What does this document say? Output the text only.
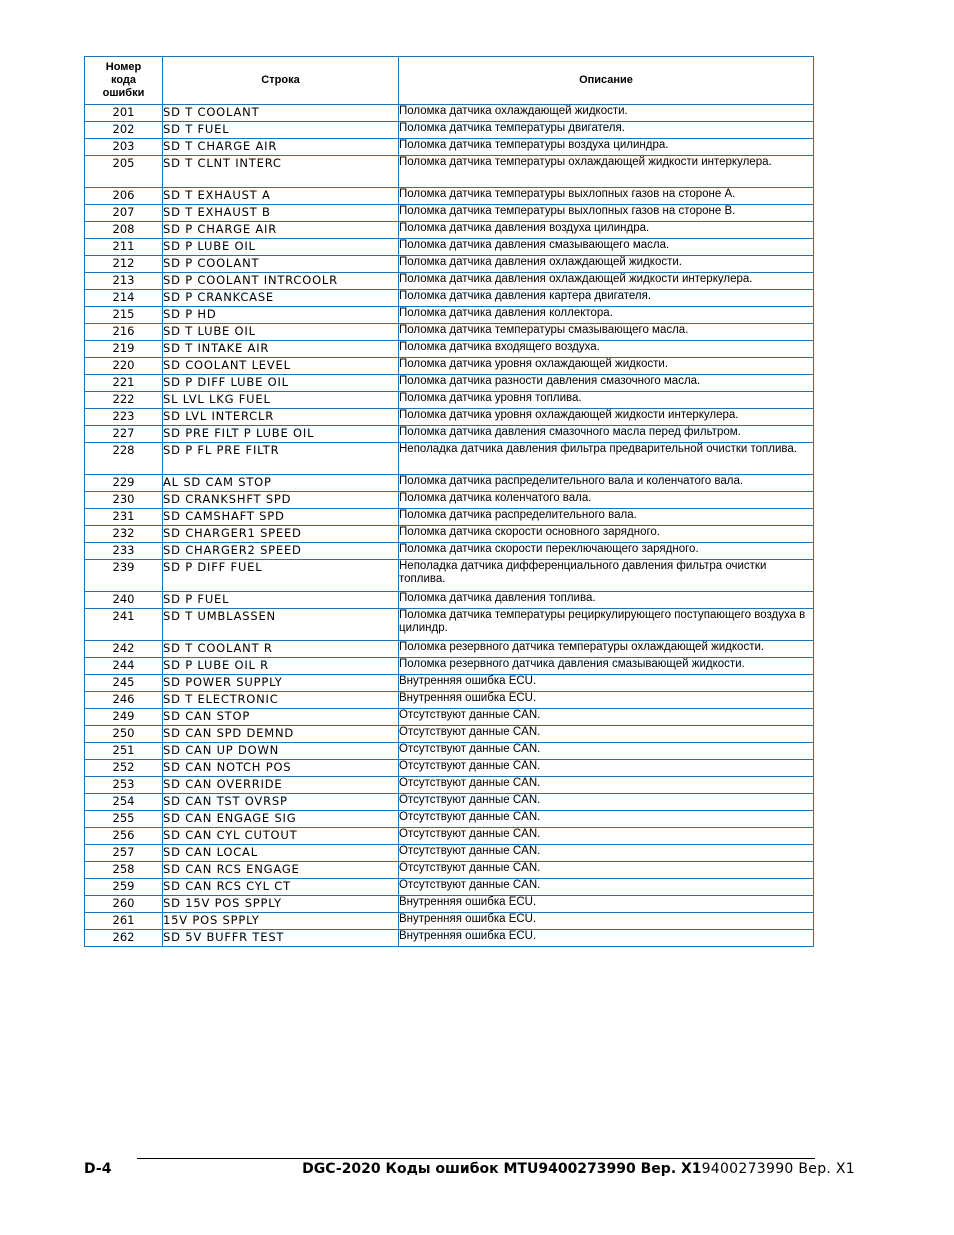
Номер кода ошибки	Строка	Описание
201	SD T COOLANT	Поломка датчика охлаждающей жидкости.
202	SD T FUEL	Поломка датчика температуры двигателя.
203	SD T CHARGE AIR	Поломка датчика температуры воздуха цилиндра.
205	SD T CLNT INTERC	Поломка датчика температуры охлаждающей жидкости интеркулера.
206	SD T EXHAUST A	Поломка датчика температуры выхлопных газов на стороне A.
207	SD T EXHAUST B	Поломка датчика температуры выхлопных газов на стороне B.
208	SD P CHARGE AIR	Поломка датчика давления воздуха цилиндра.
211	SD P LUBE OIL	Поломка датчика давления смазывающего масла.
212	SD P COOLANT	Поломка датчика давления охлаждающей жидкости.
213	SD P COOLANT INTRCOOLR	Поломка датчика давления охлаждающей жидкости интеркулера.
214	SD P CRANKCASE	Поломка датчика давления картера двигателя.
215	SD P HD	Поломка датчика давления коллектора.
216	SD T LUBE OIL	Поломка датчика температуры смазывающего масла.
219	SD T INTAKE AIR	Поломка датчика входящего воздуха.
220	SD COOLANT LEVEL	Поломка датчика уровня охлаждающей жидкости.
221	SD P DIFF LUBE OIL	Поломка датчика разности давления смазочного масла.
222	SL LVL LKG FUEL	Поломка датчика уровня топлива.
223	SD LVL INTERCLR	Поломка датчика уровня охлаждающей жидкости интеркулера.
227	SD PRE FILT P LUBE OIL	Поломка датчика давления смазочного масла перед фильтром.
228	SD P FL PRE FILTR	Неполадка датчика давления фильтра предварительной очистки топлива.
229	AL SD CAM STOP	Поломка датчика распределительного вала и коленчатого вала.
230	SD CRANKSHFT SPD	Поломка датчика коленчатого вала.
231	SD CAMSHAFT SPD	Поломка датчика распределительного вала.
232	SD CHARGER1 SPEED	Поломка датчика скорости основного зарядного.
233	SD CHARGER2 SPEED	Поломка датчика скорости переключающего зарядного.
239	SD P DIFF FUEL	Неполадка датчика дифференциального давления фильтра очистки топлива.
240	SD P FUEL	Поломка датчика давления топлива.
241	SD T UMBLASSEN	Поломка датчика температуры рециркулирующего поступающего воздуха в цилиндр.
242	SD T COOLANT R	Поломка резервного датчика температуры охлаждающей жидкости.
244	SD P LUBE OIL R	Поломка резервного датчика давления смазывающей жидкости.
245	SD POWER SUPPLY	Внутренняя ошибка ECU.
246	SD T ELECTRONIC	Внутренняя ошибка ECU.
249	SD CAN STOP	Отсутствуют данные CAN.
250	SD CAN SPD DEMND	Отсутствуют данные CAN.
251	SD CAN UP DOWN	Отсутствуют данные CAN.
252	SD CAN NOTCH POS	Отсутствуют данные CAN.
253	SD CAN OVERRIDE	Отсутствуют данные CAN.
254	SD CAN TST OVRSP	Отсутствуют данные CAN.
255	SD CAN ENGAGE SIG	Отсутствуют данные CAN.
256	SD CAN CYL CUTOUT	Отсутствуют данные CAN.
257	SD CAN LOCAL	Отсутствуют данные CAN.
258	SD CAN RCS ENGAGE	Отсутствуют данные CAN.
259	SD CAN RCS CYL CT	Отсутствуют данные CAN.
260	SD 15V POS SPPLY	Внутренняя ошибка ECU.
261	15V POS SPPLY	Внутренняя ошибка ECU.
262	SD 5V BUFFR TEST	Внутренняя ошибка ECU.
D-4	DGC-2020 Коды ошибок MTU9400273990 Вер. X19400273990 Вер. X1
